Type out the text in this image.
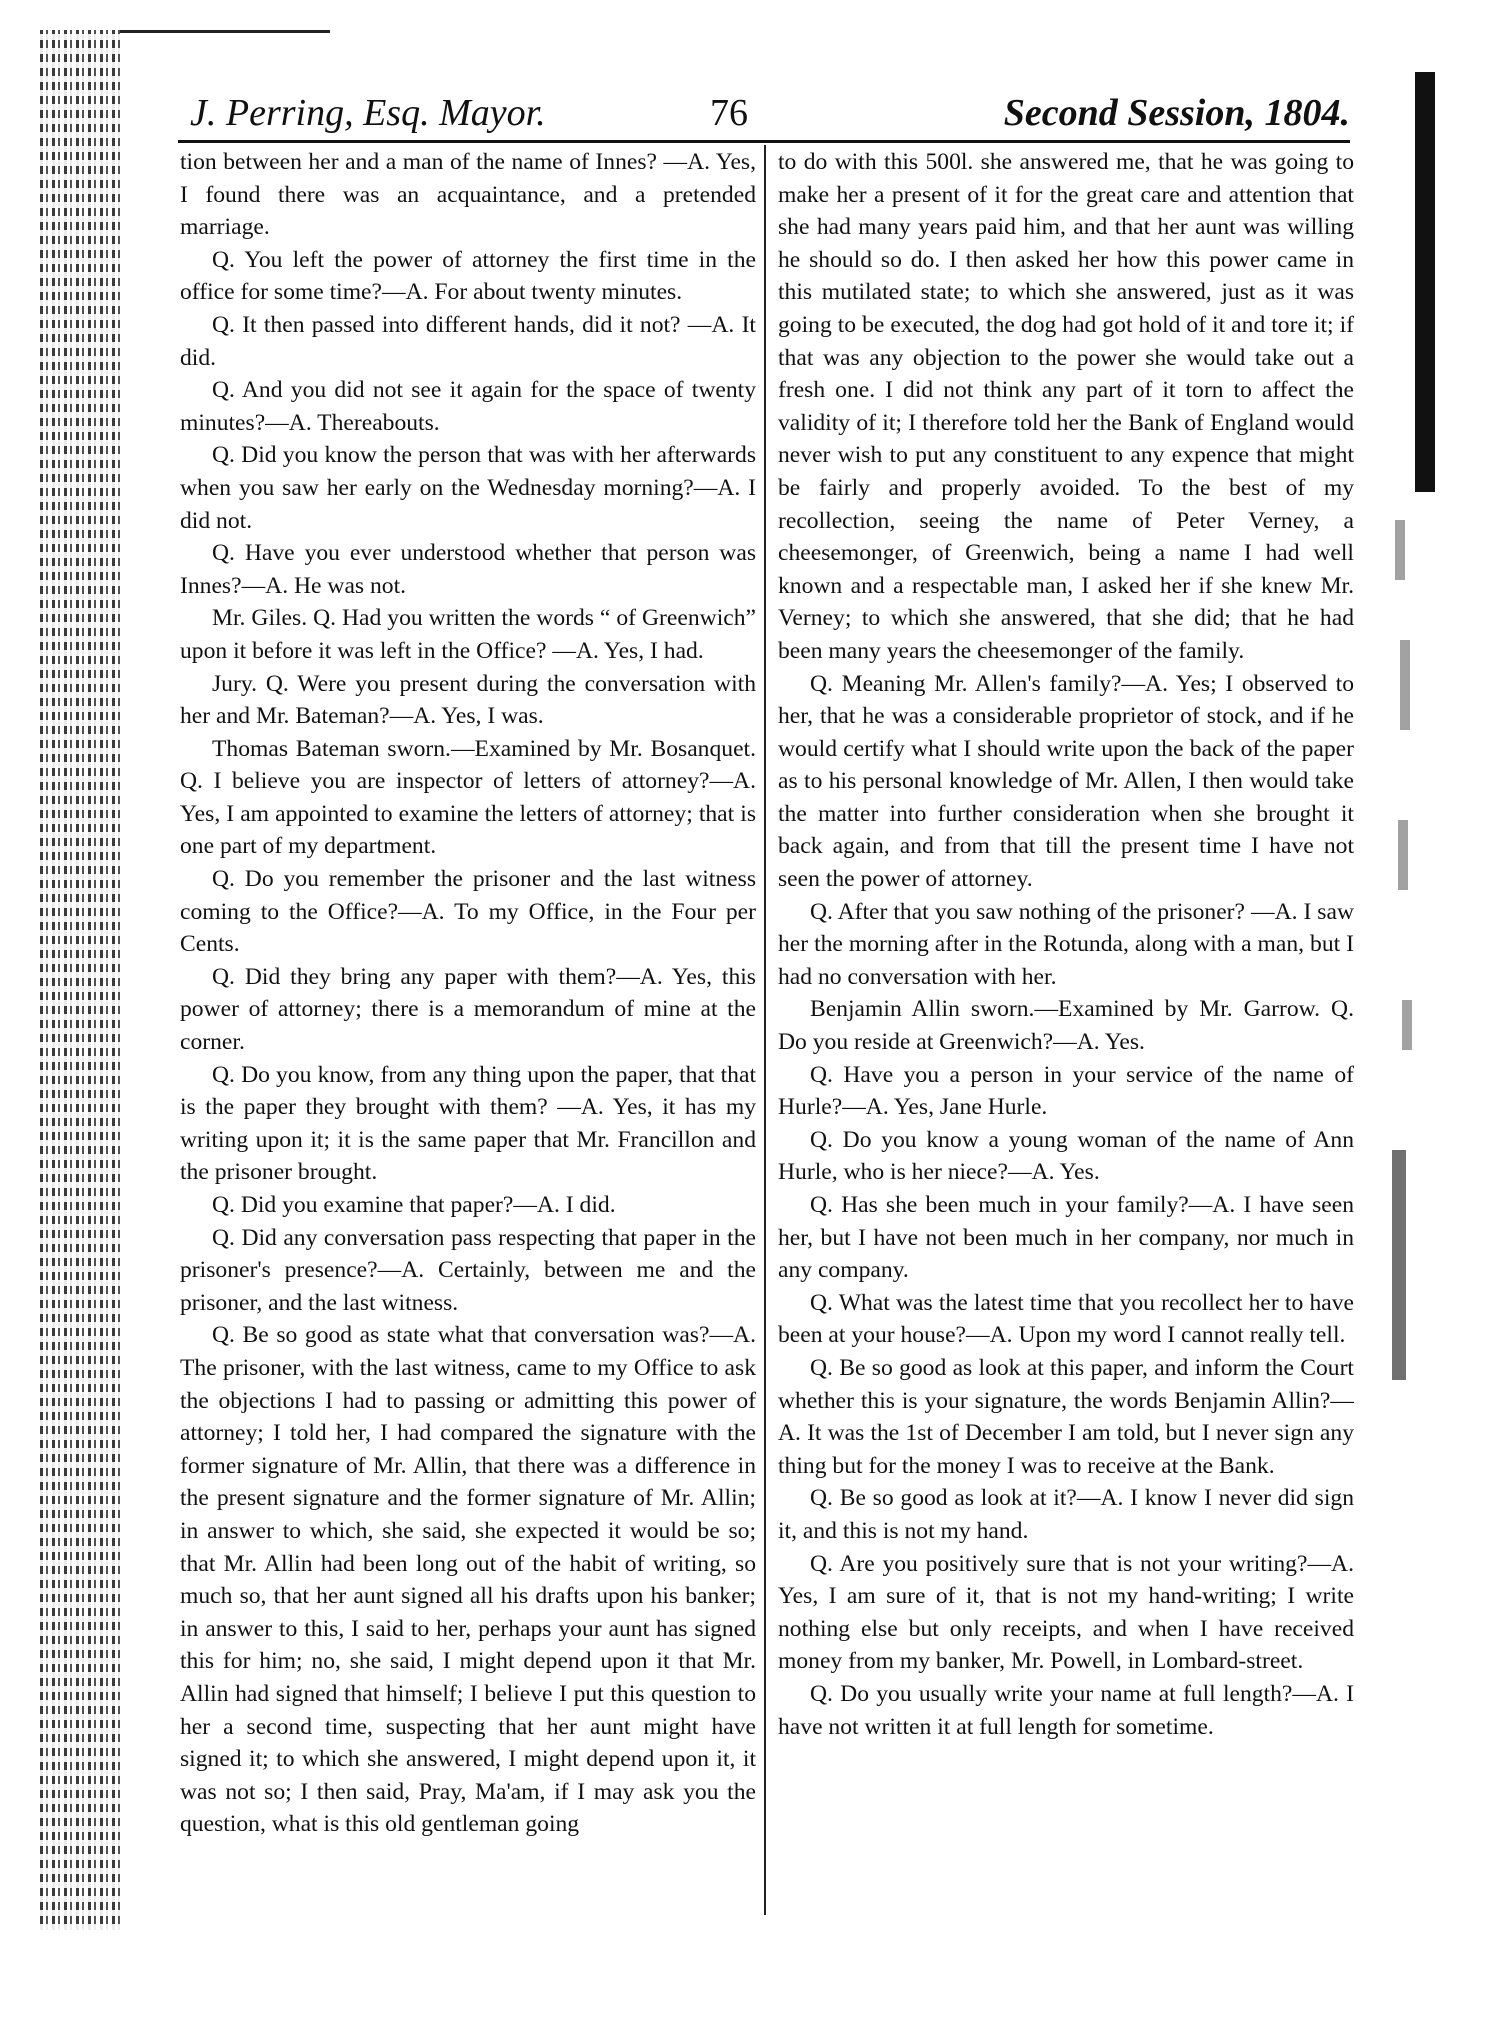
J. Perring, Esq. Mayor.	76	Second Session, 1804.

tion between her and a man of the name of Innes? —A. Yes, I found there was an acquaintance, and a pretended marriage.

Q. You left the power of attorney the first time in the office for some time?—A. For about twenty minutes.

Q. It then passed into different hands, did it not? —A. It did.

Q. And you did not see it again for the space of twenty minutes?—A. Thereabouts.

Q. Did you know the person that was with her afterwards when you saw her early on the Wednesday morning?—A. I did not.

Q. Have you ever understood whether that person was Innes?—A. He was not.

Mr. Giles. Q. Had you written the words “ of Greenwich” upon it before it was left in the Office? —A. Yes, I had.

Jury. Q. Were you present during the conversation with her and Mr. Bateman?—A. Yes, I was.

Thomas Bateman sworn.—Examined by Mr. Bosanquet. Q. I believe you are inspector of letters of attorney?—A. Yes, I am appointed to examine the letters of attorney; that is one part of my department.

Q. Do you remember the prisoner and the last witness coming to the Office?—A. To my Office, in the Four per Cents.

Q. Did they bring any paper with them?—A. Yes, this power of attorney; there is a memorandum of mine at the corner.

Q. Do you know, from any thing upon the paper, that that is the paper they brought with them? —A. Yes, it has my writing upon it; it is the same paper that Mr. Francillon and the prisoner brought.

Q. Did you examine that paper?—A. I did.

Q. Did any conversation pass respecting that paper in the prisoner's presence?—A. Certainly, between me and the prisoner, and the last witness.

Q. Be so good as state what that conversation was?—A. The prisoner, with the last witness, came to my Office to ask the objections I had to passing or admitting this power of attorney; I told her, I had compared the signature with the former signature of Mr. Allin, that there was a difference in the present signature and the former signature of Mr. Allin; in answer to which, she said, she expected it would be so; that Mr. Allin had been long out of the habit of writing, so much so, that her aunt signed all his drafts upon his banker; in answer to this, I said to her, perhaps your aunt has signed this for him; no, she said, I might depend upon it that Mr. Allin had signed that himself; I believe I put this question to her a second time, suspecting that her aunt might have signed it; to which she answered, I might depend upon it, it was not so; I then said, Pray, Ma'am, if I may ask you the question, what is this old gentleman going

to do with this 500l. she answered me, that he was going to make her a present of it for the great care and attention that she had many years paid him, and that her aunt was willing he should so do. I then asked her how this power came in this mutilated state; to which she answered, just as it was going to be executed, the dog had got hold of it and tore it; if that was any objection to the power she would take out a fresh one. I did not think any part of it torn to affect the validity of it; I therefore told her the Bank of England would never wish to put any constituent to any expence that might be fairly and properly avoided. To the best of my recollection, seeing the name of Peter Verney, a cheesemonger, of Greenwich, being a name I had well known and a respectable man, I asked her if she knew Mr. Verney; to which she answered, that she did; that he had been many years the cheesemonger of the family.

Q. Meaning Mr. Allen's family?—A. Yes; I observed to her, that he was a considerable proprietor of stock, and if he would certify what I should write upon the back of the paper as to his personal knowledge of Mr. Allen, I then would take the matter into further consideration when she brought it back again, and from that till the present time I have not seen the power of attorney.

Q. After that you saw nothing of the prisoner? —A. I saw her the morning after in the Rotunda, along with a man, but I had no conversation with her.

Benjamin Allin sworn.—Examined by Mr. Garrow. Q. Do you reside at Greenwich?—A. Yes.

Q. Have you a person in your service of the name of Hurle?—A. Yes, Jane Hurle.

Q. Do you know a young woman of the name of Ann Hurle, who is her niece?—A. Yes.

Q. Has she been much in your family?—A. I have seen her, but I have not been much in her company, nor much in any company.

Q. What was the latest time that you recollect her to have been at your house?—A. Upon my word I cannot really tell.

Q. Be so good as look at this paper, and inform the Court whether this is your signature, the words Benjamin Allin?—A. It was the 1st of December I am told, but I never sign any thing but for the money I was to receive at the Bank.

Q. Be so good as look at it?—A. I know I never did sign it, and this is not my hand.

Q. Are you positively sure that is not your writing?—A. Yes, I am sure of it, that is not my hand-writing; I write nothing else but only receipts, and when I have received money from my banker, Mr. Powell, in Lombard-street.

Q. Do you usually write your name at full length?—A. I have not written it at full length for sometime.
